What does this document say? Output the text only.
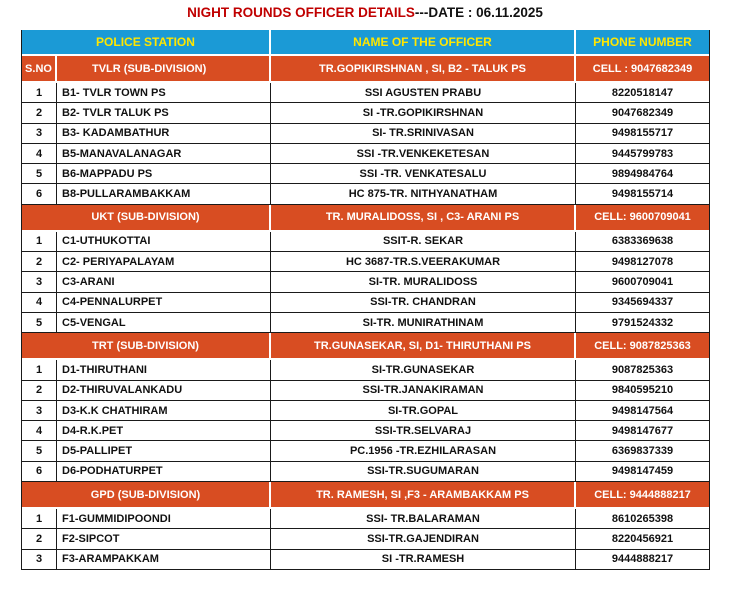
NIGHT ROUNDS OFFICER DETAILS---DATE : 06.11.2025
POLICE STATION	NAME OF THE OFFICER	PHONE NUMBER
S.NO	TVLR (SUB-DIVISION)	TR.GOPIKIRSHNAN , SI, B2 - TALUK PS	CELL : 9047682349
1	B1- TVLR TOWN PS	SSI AGUSTEN PRABU	8220518147
2	B2- TVLR TALUK PS	SI -TR.GOPIKIRSHNAN	9047682349
3	B3- KADAMBATHUR	SI- TR.SRINIVASAN	9498155717
4	B5-MANAVALANAGAR	SSI -TR.VENKEKETESAN	9445799783
5	B6-MAPPADU PS	SSI -TR. VENKATESALU	9894984764
6	B8-PULLARAMBAKKAM	HC 875-TR. NITHYANATHAM	9498155714
UKT (SUB-DIVISION)	TR. MURALIDOSS, SI , C3- ARANI PS	CELL: 9600709041
1	C1-UTHUKOTTAI	SSIT-R. SEKAR	6383369638
2	C2- PERIYAPALAYAM	HC 3687-TR.S.VEERAKUMAR	9498127078
3	C3-ARANI	SI-TR. MURALIDOSS	9600709041
4	C4-PENNALURPET	SSI-TR. CHANDRAN	9345694337
5	C5-VENGAL	SI-TR. MUNIRATHINAM	9791524332
TRT (SUB-DIVISION)	TR.GUNASEKAR, SI, D1- THIRUTHANI PS	CELL: 9087825363
1	D1-THIRUTHANI	SI-TR.GUNASEKAR	9087825363
2	D2-THIRUVALANKADU	SSI-TR.JANAKIRAMAN	9840595210
3	D3-K.K CHATHIRAM	SI-TR.GOPAL	9498147564
4	D4-R.K.PET	SSI-TR.SELVARAJ	9498147677
5	D5-PALLIPET	PC.1956 -TR.EZHILARASAN	6369837339
6	D6-PODHATURPET	SSI-TR.SUGUMARAN	9498147459
GPD (SUB-DIVISION)	TR. RAMESH, SI ,F3 - ARAMBAKKAM PS	CELL: 9444888217
1	F1-GUMMIDIPOONDI	SSI- TR.BALARAMAN	8610265398
2	F2-SIPCOT	SSI-TR.GAJENDIRAN	8220456921
3	F3-ARAMPAKKAM	SI -TR.RAMESH	9444888217
